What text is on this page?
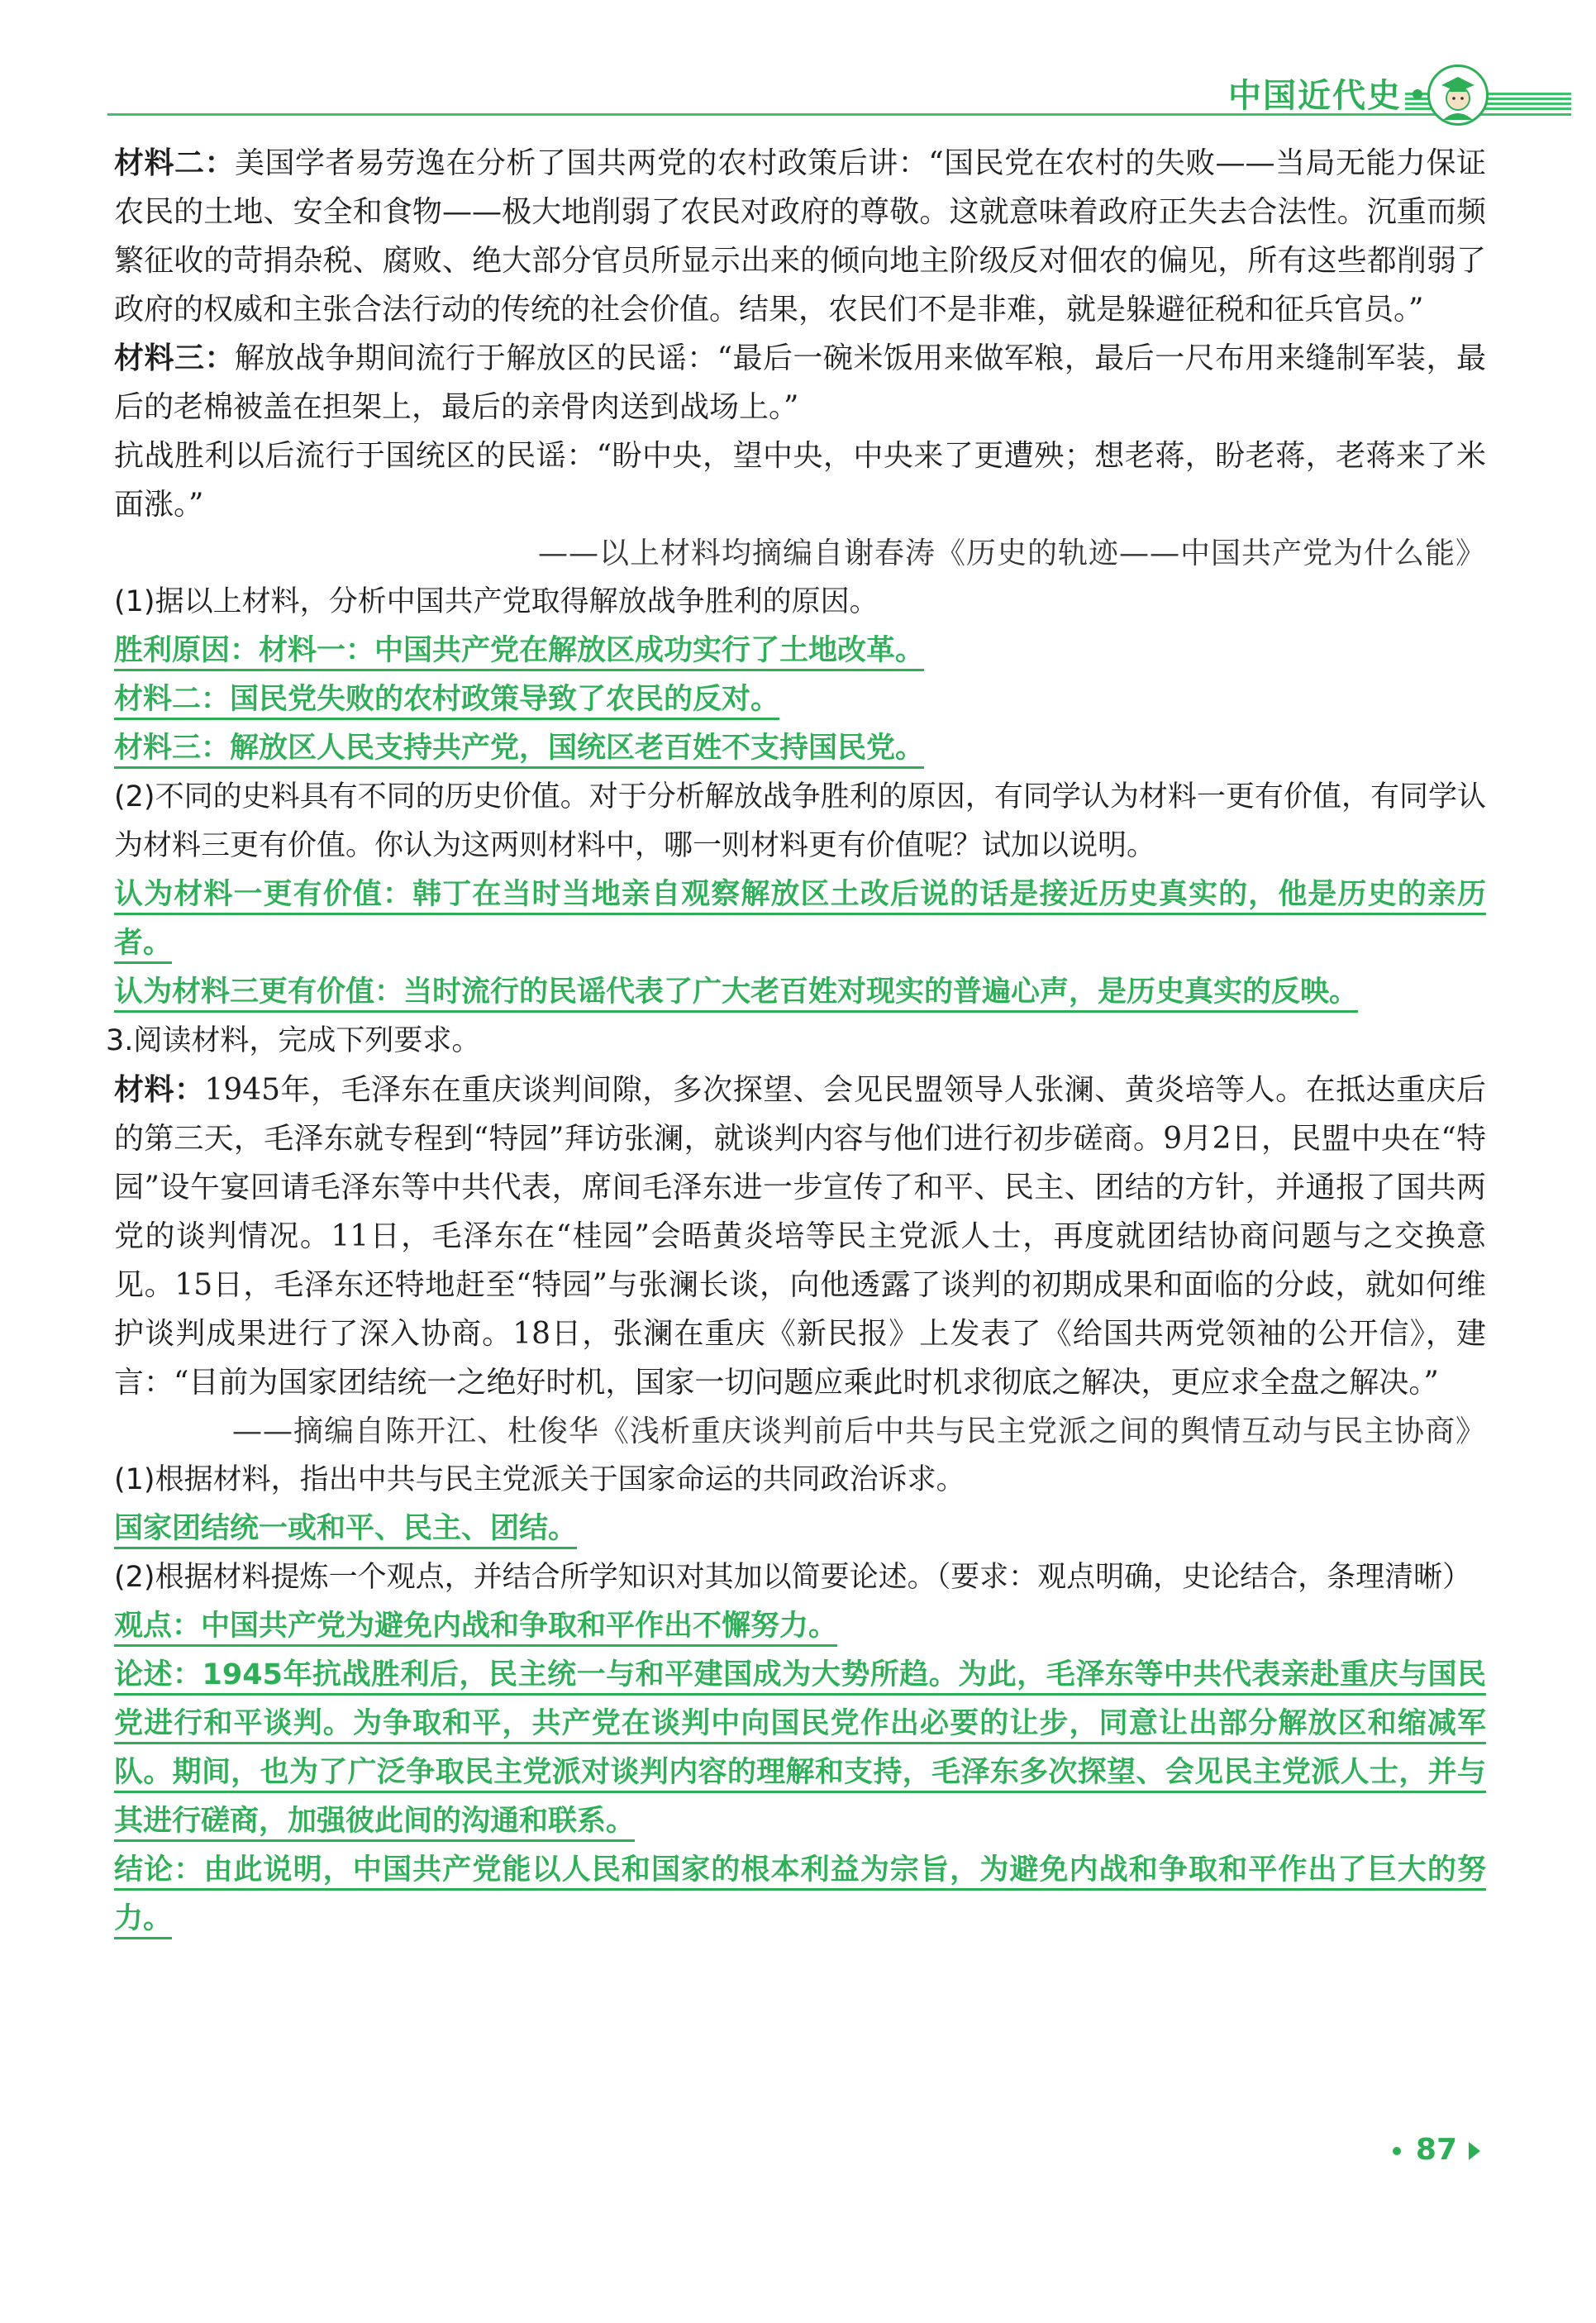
中国近代史

材料二：美国学者易劳逸在分析了国共两党的农村政策后讲：“国民党在农村的失败——当局无能力保证农民的土地、安全和食物——极大地削弱了农民对政府的尊敬。这就意味着政府正失去合法性。沉重而频繁征收的苛捐杂税、腐败、绝大部分官员所显示出来的倾向地主阶级反对佃农的偏见，所有这些都削弱了政府的权威和主张合法行动的传统的社会价值。结果，农民们不是非难，就是躲避征税和征兵官员。”

材料三：解放战争期间流行于解放区的民谣：“最后一碗米饭用来做军粮，最后一尺布用来缝制军装，最后的老棉被盖在担架上，最后的亲骨肉送到战场上。”

抗战胜利以后流行于国统区的民谣：“盼中央，望中央，中央来了更遭殃；想老蒋，盼老蒋，老蒋来了米面涨。”

——以上材料均摘编自谢春涛《历史的轨迹——中国共产党为什么能》

(1)据以上材料，分析中国共产党取得解放战争胜利的原因。

胜利原因：材料一：中国共产党在解放区成功实行了土地改革。

材料二：国民党失败的农村政策导致了农民的反对。

材料三：解放区人民支持共产党，国统区老百姓不支持国民党。

(2)不同的史料具有不同的历史价值。对于分析解放战争胜利的原因，有同学认为材料一更有价值，有同学认为材料三更有价值。你认为这两则材料中，哪一则材料更有价值呢？试加以说明。

认为材料一更有价值：韩丁在当时当地亲自观察解放区土改后说的话是接近历史真实的，他是历史的亲历者。

认为材料三更有价值：当时流行的民谣代表了广大老百姓对现实的普遍心声，是历史真实的反映。

3.阅读材料，完成下列要求。

材料：1945年，毛泽东在重庆谈判间隙，多次探望、会见民盟领导人张澜、黄炎培等人。在抵达重庆后的第三天，毛泽东就专程到“特园”拜访张澜，就谈判内容与他们进行初步磋商。9月2日，民盟中央在“特园”设午宴回请毛泽东等中共代表，席间毛泽东进一步宣传了和平、民主、团结的方针，并通报了国共两党的谈判情况。11日，毛泽东在“桂园”会晤黄炎培等民主党派人士，再度就团结协商问题与之交换意见。15日，毛泽东还特地赶至“特园”与张澜长谈，向他透露了谈判的初期成果和面临的分歧，就如何维护谈判成果进行了深入协商。18日，张澜在重庆《新民报》上发表了《给国共两党领袖的公开信》，建言：“目前为国家团结统一之绝好时机，国家一切问题应乘此时机求彻底之解决，更应求全盘之解决。”

——摘编自陈开江、杜俊华《浅析重庆谈判前后中共与民主党派之间的舆情互动与民主协商》

(1)根据材料，指出中共与民主党派关于国家命运的共同政治诉求。

国家团结统一或和平、民主、团结。

(2)根据材料提炼一个观点，并结合所学知识对其加以简要论述。（要求：观点明确，史论结合，条理清晰）

观点：中国共产党为避免内战和争取和平作出不懈努力。

论述：1945年抗战胜利后，民主统一与和平建国成为大势所趋。为此，毛泽东等中共代表亲赴重庆与国民党进行和平谈判。为争取和平，共产党在谈判中向国民党作出必要的让步，同意让出部分解放区和缩减军队。期间，也为了广泛争取民主党派对谈判内容的理解和支持，毛泽东多次探望、会见民主党派人士，并与其进行磋商，加强彼此间的沟通和联系。

结论：由此说明，中国共产党能以人民和国家的根本利益为宗旨，为避免内战和争取和平作出了巨大的努力。

87
